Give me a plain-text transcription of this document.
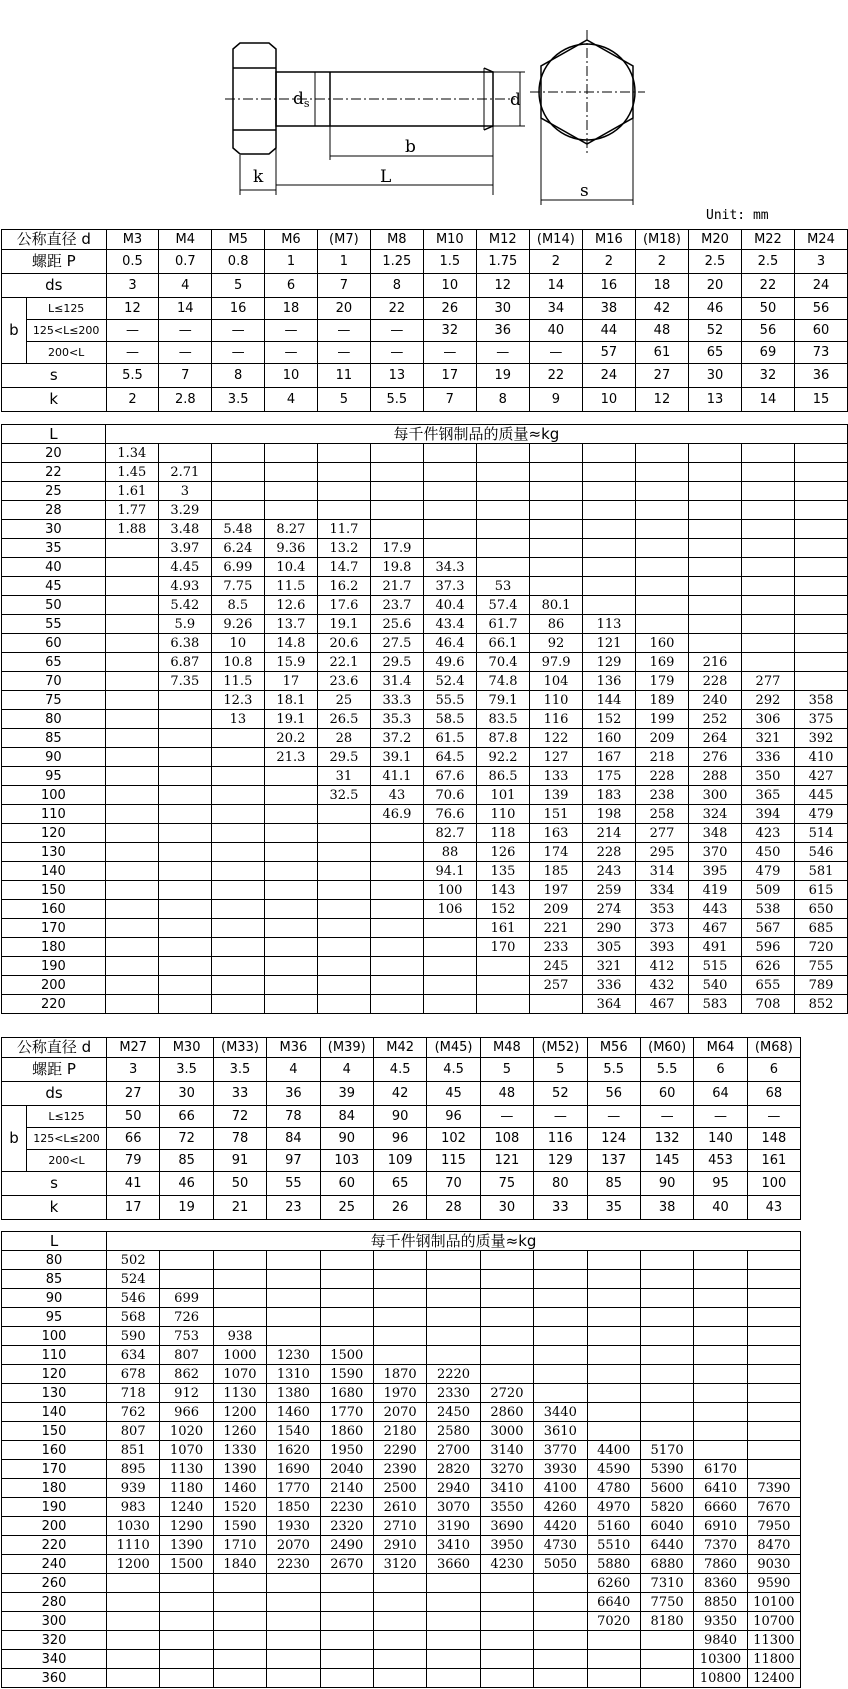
ds	d
b
k	L
s
Unit: mm
公称直径 d		M3	M4	M5	M6	(M7)	M8	M10	M12	(M14)	M16	(M18)	M20	M22	M24
螺距 P		0.5	0.7	0.8	1	1	1.25	1.5	1.75	2	2	2	2.5	2.5	3
ds		3	4	5	6	7	8	10	12	14	16	18	20	22	24
b	L≤125	12	14	16	18	20	22	26	30	34	38	42	46	50	56
	125<L≤200	—	—	—	—	—	—	32	36	40	44	48	52	56	60
	200<L	—	—	—	—	—	—	—	—	—	57	61	65	69	73
s		5.5	7	8	10	11	13	17	19	22	24	27	30	32	36
k		2	2.8	3.5	4	5	5.5	7	8	9	10	12	13	14	15
L	每千件钢制品的质量≈kg													
20	1.34													
22	1.45	2.71												
25	1.61	3												
28	1.77	3.29												
30	1.88	3.48	5.48	8.27	11.7									
35		3.97	6.24	9.36	13.2	17.9								
40		4.45	6.99	10.4	14.7	19.8	34.3							
45		4.93	7.75	11.5	16.2	21.7	37.3	53						
50		5.42	8.5	12.6	17.6	23.7	40.4	57.4	80.1					
55		5.9	9.26	13.7	19.1	25.6	43.4	61.7	86	113				
60		6.38	10	14.8	20.6	27.5	46.4	66.1	92	121	160			
65		6.87	10.8	15.9	22.1	29.5	49.6	70.4	97.9	129	169	216		
70		7.35	11.5	17	23.6	31.4	52.4	74.8	104	136	179	228	277	
75			12.3	18.1	25	33.3	55.5	79.1	110	144	189	240	292	358
80			13	19.1	26.5	35.3	58.5	83.5	116	152	199	252	306	375
85				20.2	28	37.2	61.5	87.8	122	160	209	264	321	392
90				21.3	29.5	39.1	64.5	92.2	127	167	218	276	336	410
95					31	41.1	67.6	86.5	133	175	228	288	350	427
100					32.5	43	70.6	101	139	183	238	300	365	445
110						46.9	76.6	110	151	198	258	324	394	479
120							82.7	118	163	214	277	348	423	514
130							88	126	174	228	295	370	450	546
140							94.1	135	185	243	314	395	479	581
150							100	143	197	259	334	419	509	615
160							106	152	209	274	353	443	538	650
170								161	221	290	373	467	567	685
180								170	233	305	393	491	596	720
190									245	321	412	515	626	755
200									257	336	432	540	655	789
220										364	467	583	708	852
公称直径 d		M27	M30	(M33)	M36	(M39)	M42	(M45)	M48	(M52)	M56	(M60)	M64	(M68)
螺距 P		3	3.5	3.5	4	4	4.5	4.5	5	5	5.5	5.5	6	6
ds		27	30	33	36	39	42	45	48	52	56	60	64	68
b	L≤125	50	66	72	78	84	90	96	—	—	—	—	—	—
	125<L≤200	66	72	78	84	90	96	102	108	116	124	132	140	148
	200<L	79	85	91	97	103	109	115	121	129	137	145	453	161
s		41	46	50	55	60	65	70	75	80	85	90	95	100
k		17	19	21	23	25	26	28	30	33	35	38	40	43
L	每千件钢制品的质量≈kg												
80	502												
85	524												
90	546	699											
95	568	726											
100	590	753	938										
110	634	807	1000	1230	1500								
120	678	862	1070	1310	1590	1870	2220						
130	718	912	1130	1380	1680	1970	2330	2720					
140	762	966	1200	1460	1770	2070	2450	2860	3440				
150	807	1020	1260	1540	1860	2180	2580	3000	3610				
160	851	1070	1330	1620	1950	2290	2700	3140	3770	4400	5170		
170	895	1130	1390	1690	2040	2390	2820	3270	3930	4590	5390	6170	
180	939	1180	1460	1770	2140	2500	2940	3410	4100	4780	5600	6410	7390
190	983	1240	1520	1850	2230	2610	3070	3550	4260	4970	5820	6660	7670
200	1030	1290	1590	1930	2320	2710	3190	3690	4420	5160	6040	6910	7950
220	1110	1390	1710	2070	2490	2910	3410	3950	4730	5510	6440	7370	8470
240	1200	1500	1840	2230	2670	3120	3660	4230	5050	5880	6880	7860	9030
260										6260	7310	8360	9590
280										6640	7750	8850	10100
300										7020	8180	9350	10700
320												9840	11300
340												10300	11800
360												10800	12400
